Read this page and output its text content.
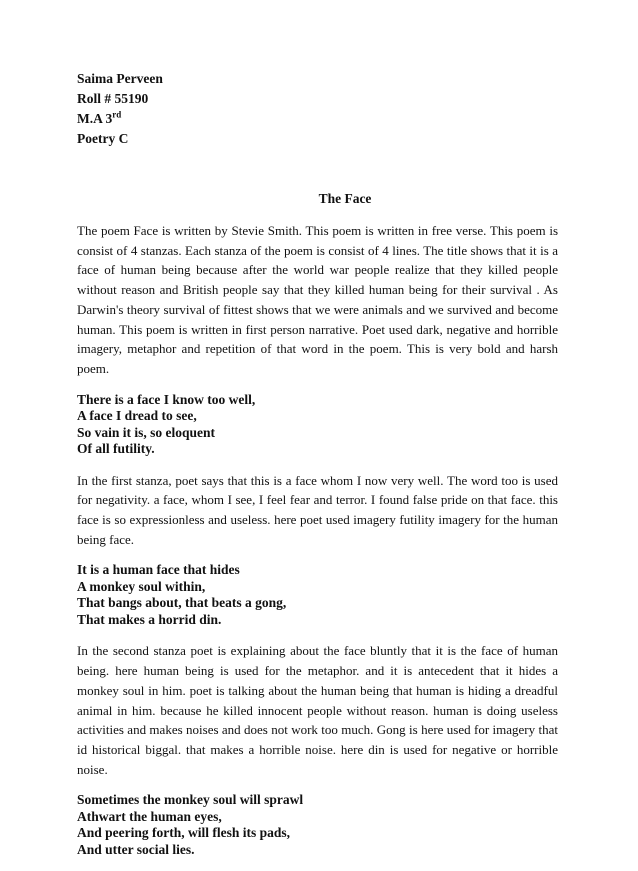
Saima Perveen
Roll # 55190
M.A 3rd
Poetry C
The Face

The poem Face is written by Stevie Smith. This poem is written in free verse. This poem is consist of 4 stanzas. Each stanza of the poem is consist of 4 lines. The title shows that it is a face of human being because after the world war people realize that they killed people without reason and British people say that they killed human being for their survival . As Darwin's theory survival of fittest shows that we were animals and we survived and become human. This poem is written in first person narrative. Poet used dark, negative and horrible imagery, metaphor and repetition of that word in the poem. This is very bold and harsh poem.

There is a face I know too well,
A face I dread to see,
So vain it is, so eloquent
Of all futility.

In the first stanza, poet says that this is a face whom I now very well. The word too is used for negativity. a face, whom I see, I feel fear and terror. I found false pride on that face. this face is so expressionless and useless. here poet used imagery futility imagery for the human being face.

It is a human face that hides
A monkey soul within,
That bangs about, that beats a gong,
That makes a horrid din.

In the second stanza poet is explaining about the face bluntly that it is the face of human being. here human being is used for the metaphor. and it is antecedent that it hides a monkey soul in him. poet is talking about the human being that human is hiding a dreadful animal in him. because he killed innocent people without reason. human is doing useless activities and makes noises and does not work too much. Gong is here used for imagery that id historical biggal. that makes a horrible noise. here din is used for negative or horrible noise.

Sometimes the monkey soul will sprawl
Athwart the human eyes,
And peering forth, will flesh its pads,
And utter social lies.
